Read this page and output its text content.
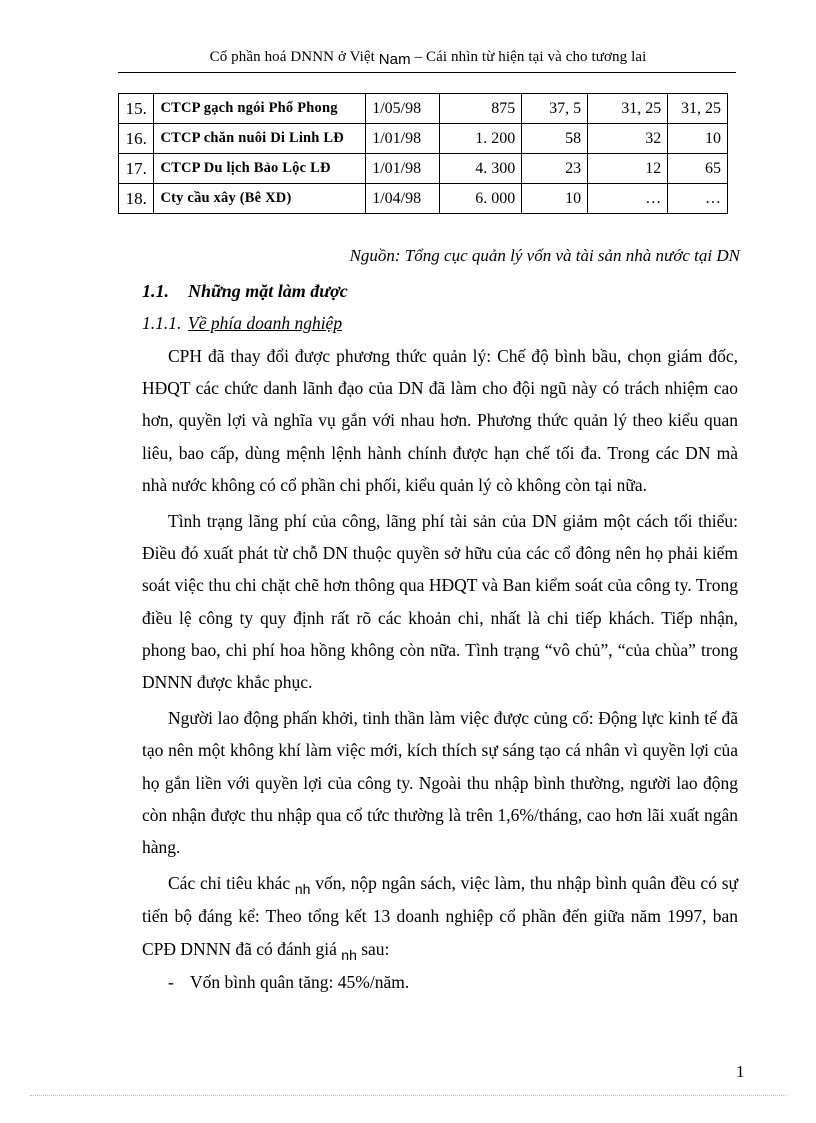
Cổ phần hoá DNNN ở Việt Nam – Cái nhìn từ hiện tại và cho tương lai
15.	CTCP gạch ngói Phổ Phong	1/05/98	875	37, 5	31, 25	31, 25
16.	CTCP chăn nuôi Di Linh LĐ	1/01/98	1. 200	58	32	10
17.	CTCP Du lịch Bảo Lộc LĐ	1/01/98	4. 300	23	12	65
18.	Cty cầu xây (Bê XD)	1/04/98	6. 000	10	…	…
Nguồn: Tổng cục quản lý vốn và tài sản nhà nước tại DN
1.1. Những mặt làm được
1.1.1. Về phía doanh nghiệp

CPH đã thay đổi được phương thức quản lý: Chế độ bình bầu, chọn giám đốc, HĐQT các chức danh lãnh đạo của DN đã làm cho đội ngũ này có trách nhiệm cao hơn, quyền lợi và nghĩa vụ gắn với nhau hơn. Phương thức quản lý theo kiểu quan liêu, bao cấp, dùng mệnh lệnh hành chính được hạn chế tối đa. Trong các DN mà nhà nước không có cổ phần chi phối, kiểu quản lý cò không còn tại nữa.

Tình trạng lãng phí của công, lãng phí tài sản của DN giảm một cách tối thiểu: Điều đó xuất phát từ chỗ DN thuộc quyền sở hữu của các cổ đông nên họ phải kiểm soát việc thu chi chặt chẽ hơn thông qua HĐQT và Ban kiểm soát của công ty. Trong điều lệ công ty quy định rất rõ các khoản chi, nhất là chi tiếp khách. Tiếp nhận, phong bao, chi phí hoa hồng không còn nữa. Tình trạng “vô chủ”, “của chùa” trong DNNN được khắc phục.

Người lao động phấn khởi, tinh thần làm việc được củng cố: Động lực kinh tế đã tạo nên một không khí làm việc mới, kích thích sự sáng tạo cá nhân vì quyền lợi của họ gắn liền với quyền lợi của công ty. Ngoài thu nhập bình thường, người lao động còn nhận được thu nhập qua cổ tức thường là trên 1,6%/tháng, cao hơn lãi xuất ngân hàng.

Các chỉ tiêu khác $_{nh}$ vốn, nộp ngân sách, việc làm, thu nhập bình quân đều có sự tiến bộ đáng kể: Theo tổng kết 13 doanh nghiệp cổ phần đến giữa năm 1997, ban CPĐ DNNN đã có đánh giá $_{nh}$ sau:

- Vốn bình quân tăng: 45%/năm.

1
